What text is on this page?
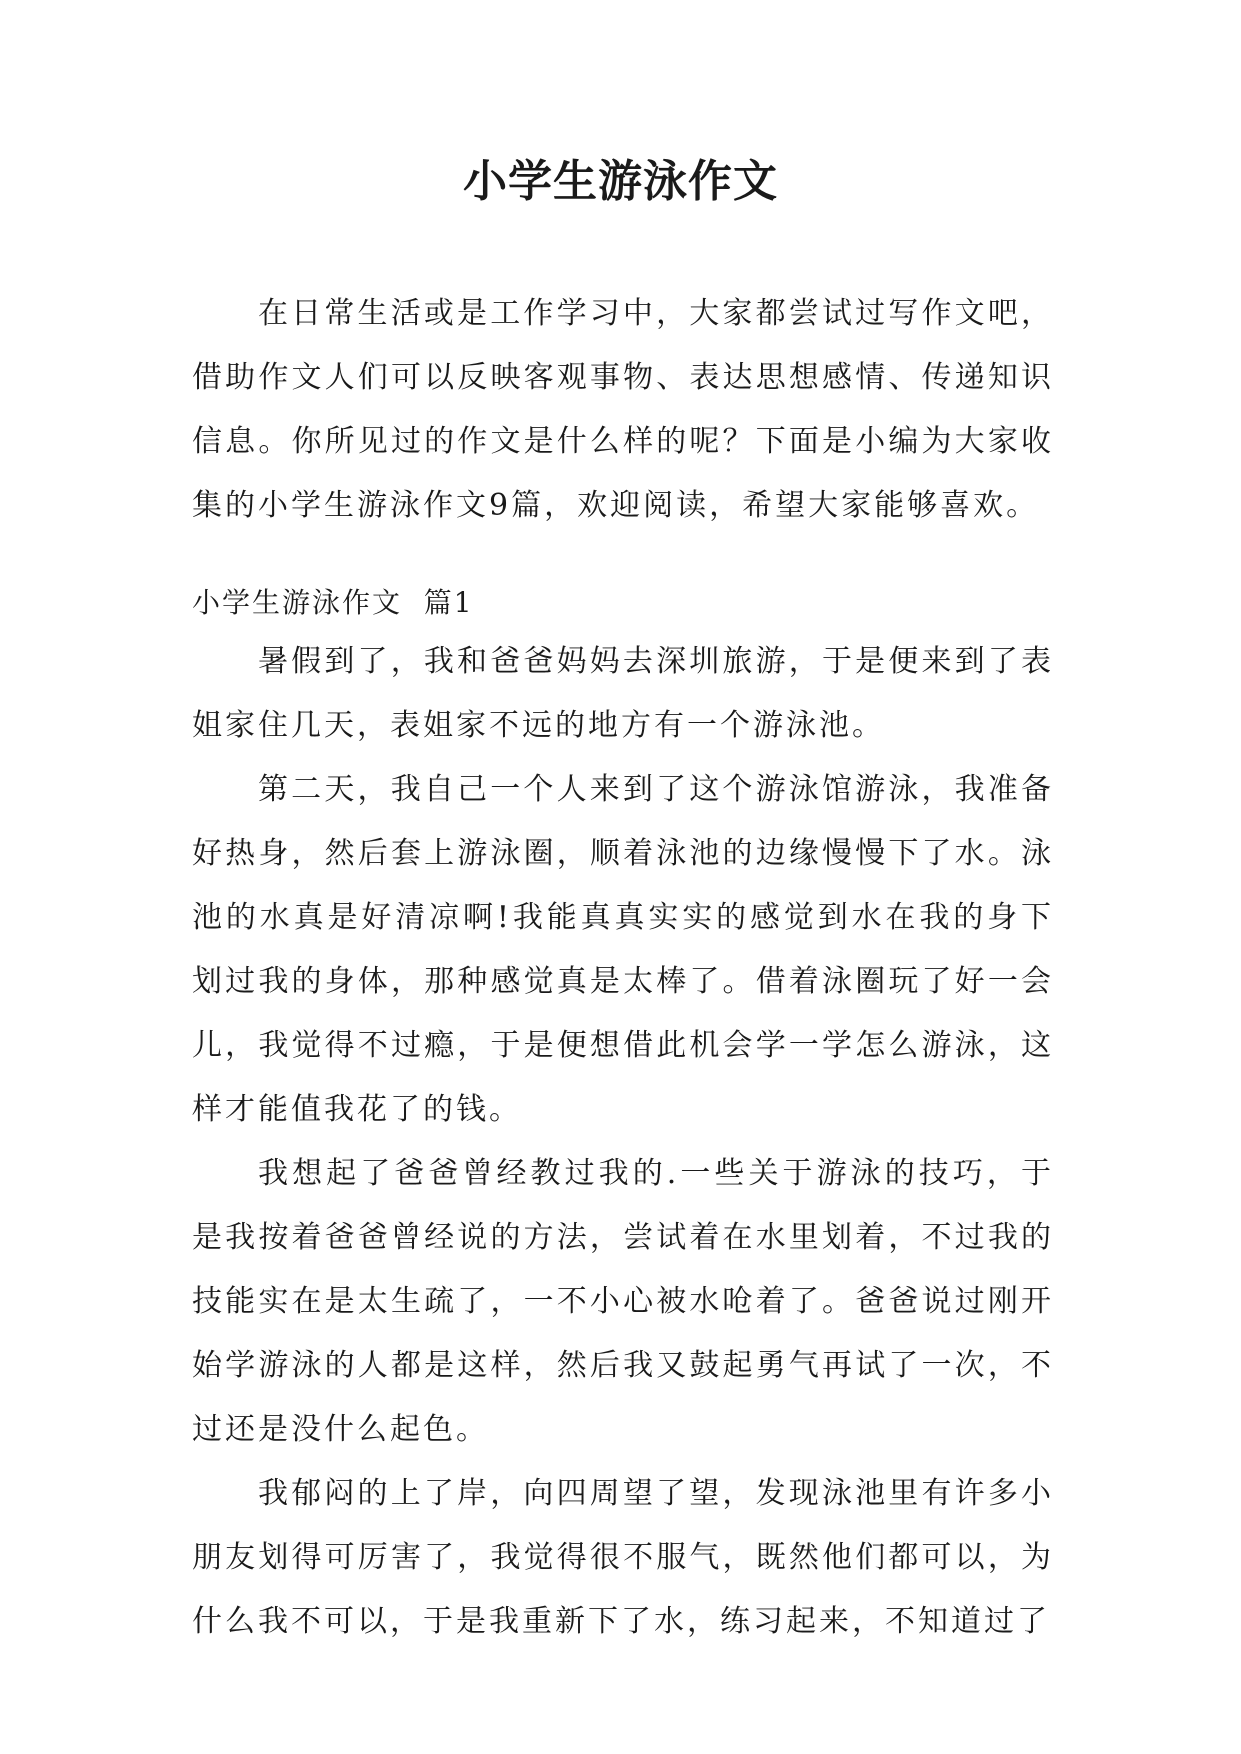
小学生游泳作文

在日常生活或是工作学习中，大家都尝试过写作文吧，借助作文人们可以反映客观事物、表达思想感情、传递知识信息。你所见过的作文是什么样的呢？下面是小编为大家收集的小学生游泳作文9篇，欢迎阅读，希望大家能够喜欢。

小学生游泳作文  篇1

暑假到了，我和爸爸妈妈去深圳旅游，于是便来到了表姐家住几天，表姐家不远的地方有一个游泳池。

第二天，我自己一个人来到了这个游泳馆游泳，我准备好热身，然后套上游泳圈，顺着泳池的边缘慢慢下了水。泳池的水真是好清凉啊!我能真真实实的感觉到水在我的身下划过我的身体，那种感觉真是太棒了。借着泳圈玩了好一会儿，我觉得不过瘾，于是便想借此机会学一学怎么游泳，这样才能值我花了的钱。

我想起了爸爸曾经教过我的.一些关于游泳的技巧，于是我按着爸爸曾经说的方法，尝试着在水里划着，不过我的技能实在是太生疏了，一不小心被水呛着了。爸爸说过刚开始学游泳的人都是这样，然后我又鼓起勇气再试了一次，不过还是没什么起色。

我郁闷的上了岸，向四周望了望，发现泳池里有许多小朋友划得可厉害了，我觉得很不服气，既然他们都可以，为什么我不可以，于是我重新下了水，练习起来，不知道过了
